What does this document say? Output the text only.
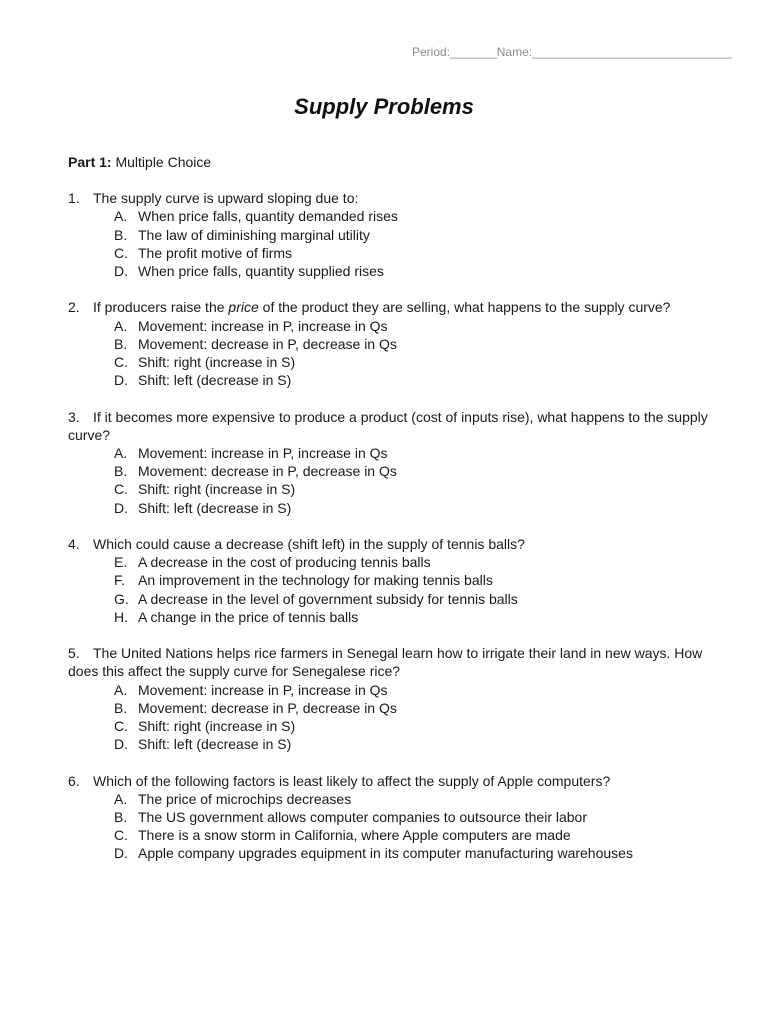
Period:_______Name:______________________________
Supply Problems

Part 1: Multiple Choice

1. The supply curve is upward sloping due to:

A. When price falls, quantity demanded rises
B. The law of diminishing marginal utility
C. The profit motive of firms
D. When price falls, quantity supplied rises

2. If producers raise the price of the product they are selling, what happens to the supply curve?

A. Movement: increase in P, increase in Qs
B. Movement: decrease in P, decrease in Qs
C. Shift: right (increase in S)
D. Shift: left (decrease in S)

3. If it becomes more expensive to produce a product (cost of inputs rise), what happens to the supply curve?

A. Movement: increase in P, increase in Qs
B. Movement: decrease in P, decrease in Qs
C. Shift: right (increase in S)
D. Shift: left (decrease in S)

4. Which could cause a decrease (shift left) in the supply of tennis balls?

E. A decrease in the cost of producing tennis balls
F. An improvement in the technology for making tennis balls
G. A decrease in the level of government subsidy for tennis balls
H. A change in the price of tennis balls

5. The United Nations helps rice farmers in Senegal learn how to irrigate their land in new ways. How does this affect the supply curve for Senegalese rice?

A. Movement: increase in P, increase in Qs
B. Movement: decrease in P, decrease in Qs
C. Shift: right (increase in S)
D. Shift: left (decrease in S)

6. Which of the following factors is least likely to affect the supply of Apple computers?

A. The price of microchips decreases
B. The US government allows computer companies to outsource their labor
C. There is a snow storm in California, where Apple computers are made
D. Apple company upgrades equipment in its computer manufacturing warehouses
